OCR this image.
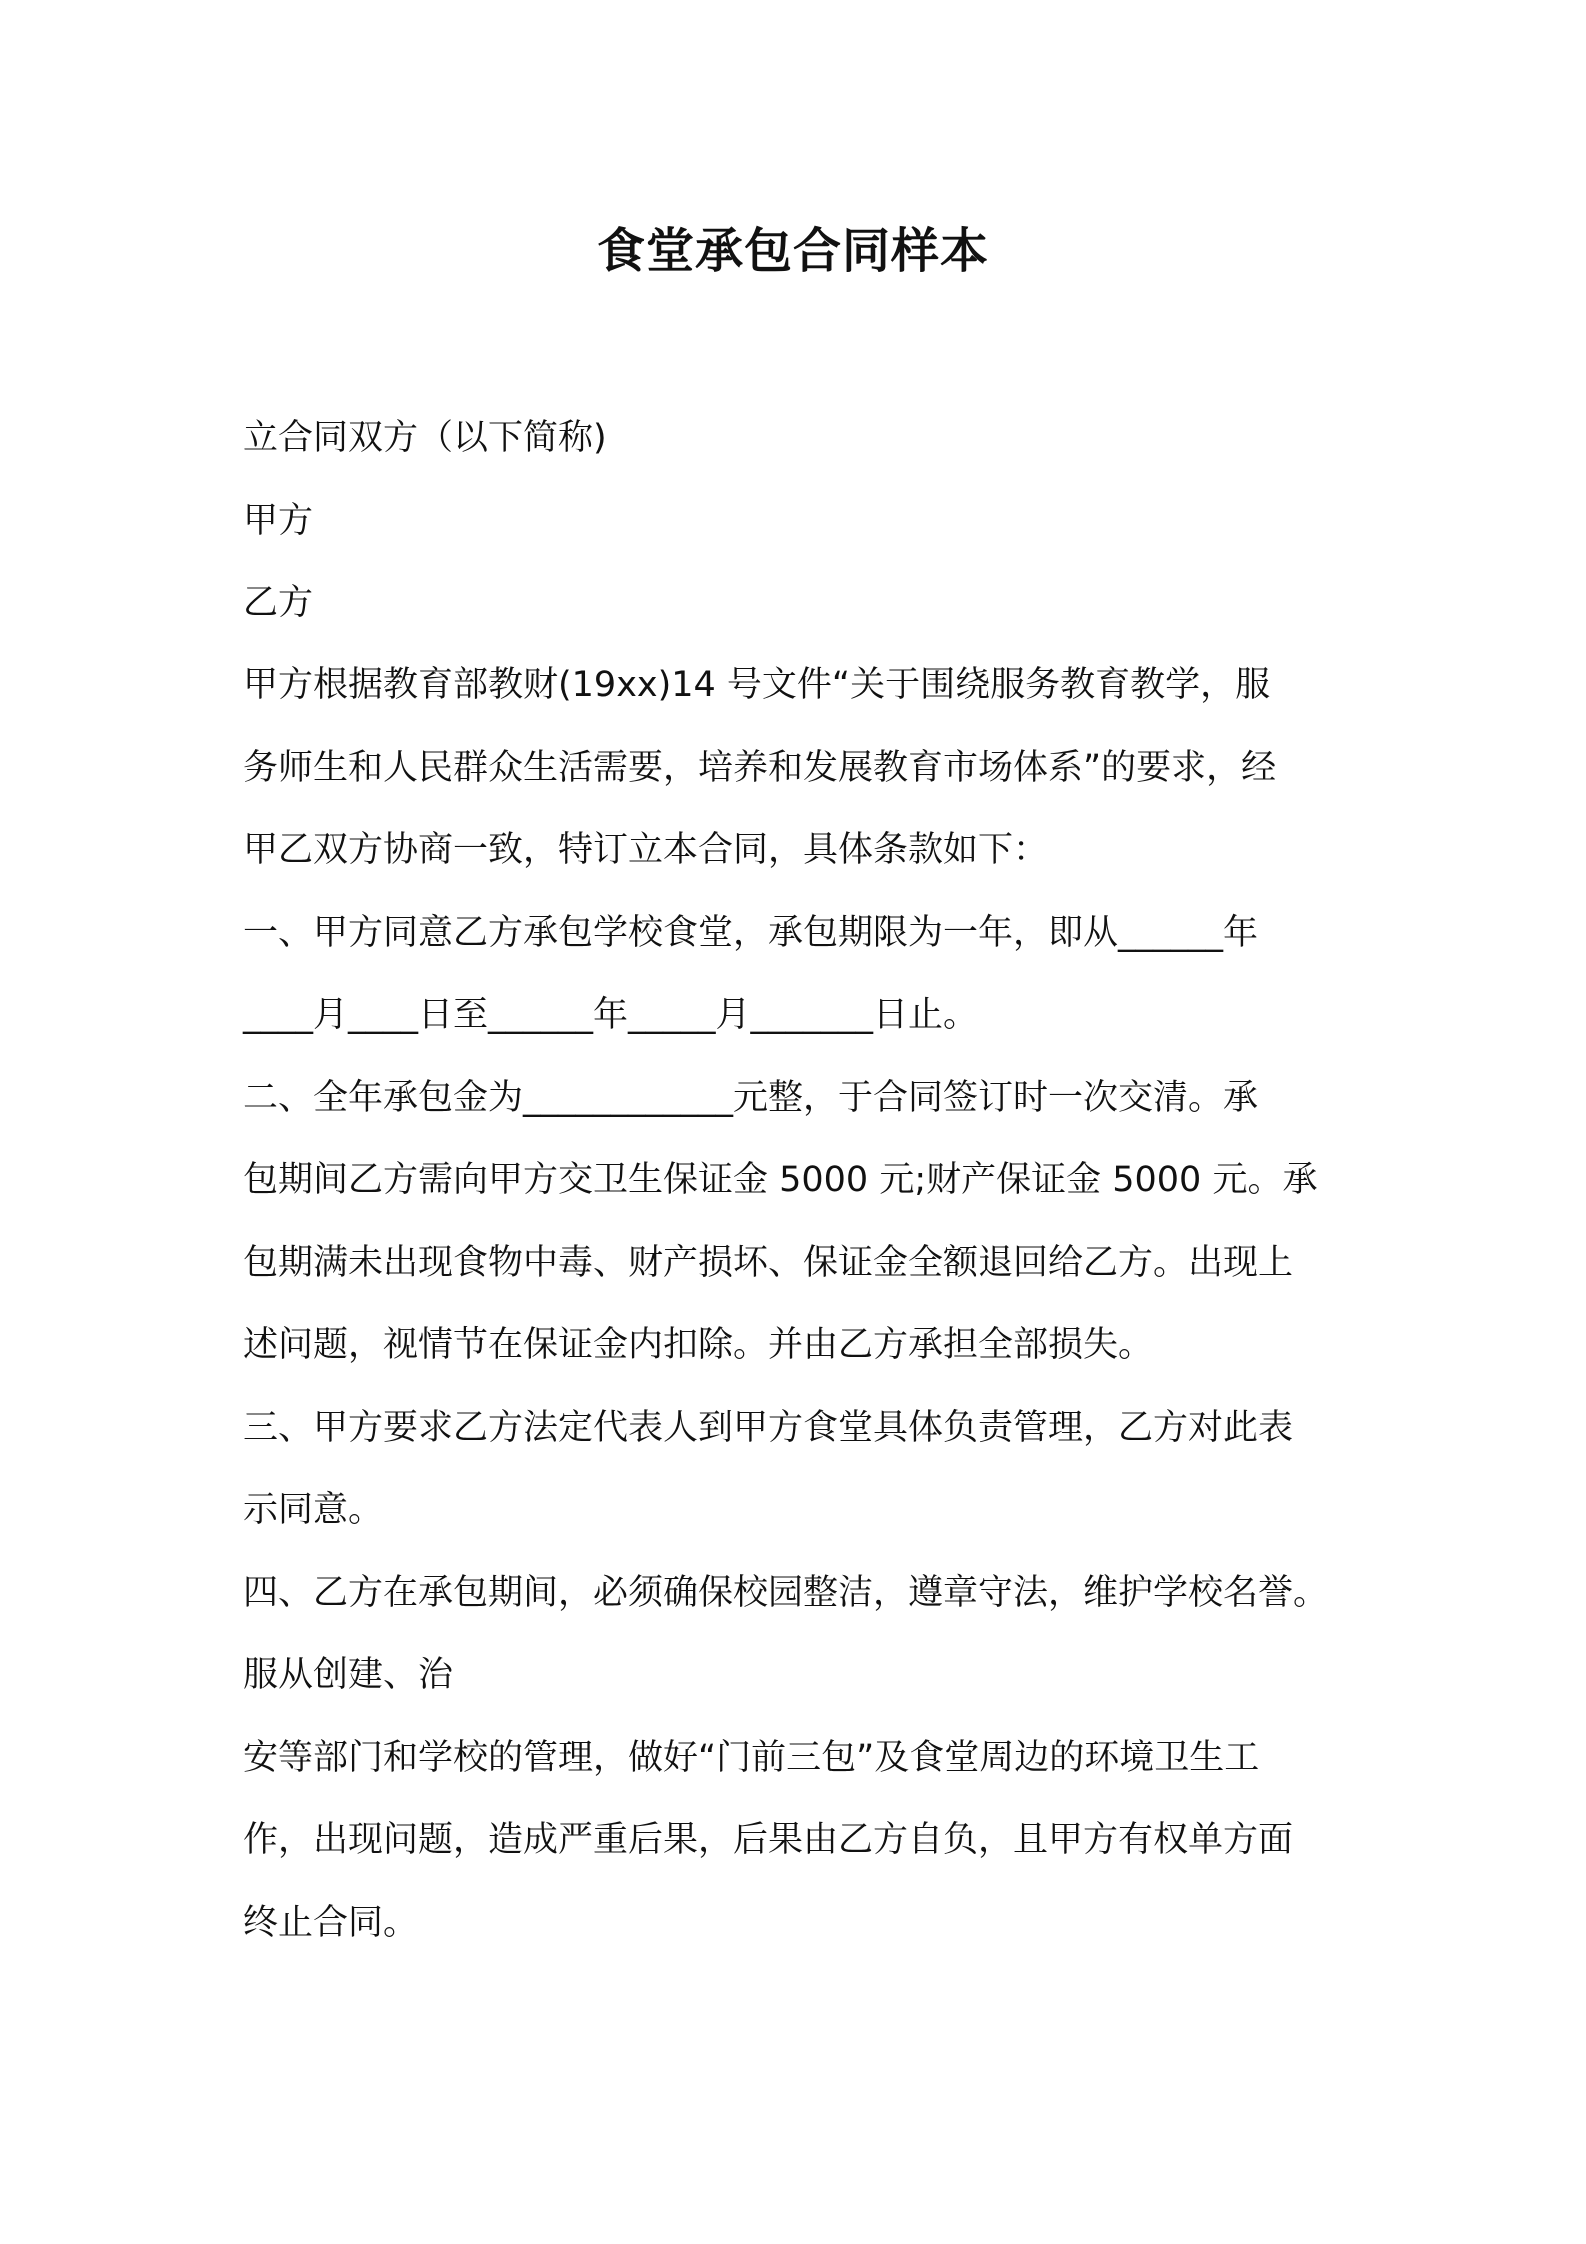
食堂承包合同样本
立合同双方（以下简称)
甲方
乙方
甲方根据教育部教财(19xx)14 号文件“关于围绕服务教育教学，服
务师生和人民群众生活需要，培养和发展教育市场体系”的要求，经
甲乙双方协商一致，特订立本合同，具体条款如下：
一、甲方同意乙方承包学校食堂，承包期限为一年，即从______年
____月____日至______年_____月_______日止。
二、全年承包金为____________元整，于合同签订时一次交清。承
包期间乙方需向甲方交卫生保证金 5000 元;财产保证金 5000 元。承
包期满未出现食物中毒、财产损坏、保证金全额退回给乙方。出现上
述问题，视情节在保证金内扣除。并由乙方承担全部损失。
三、甲方要求乙方法定代表人到甲方食堂具体负责管理，乙方对此表
示同意。
四、乙方在承包期间，必须确保校园整洁，遵章守法，维护学校名誉。
服从创建、治
安等部门和学校的管理，做好“门前三包”及食堂周边的环境卫生工
作，出现问题，造成严重后果，后果由乙方自负，且甲方有权单方面
终止合同。
